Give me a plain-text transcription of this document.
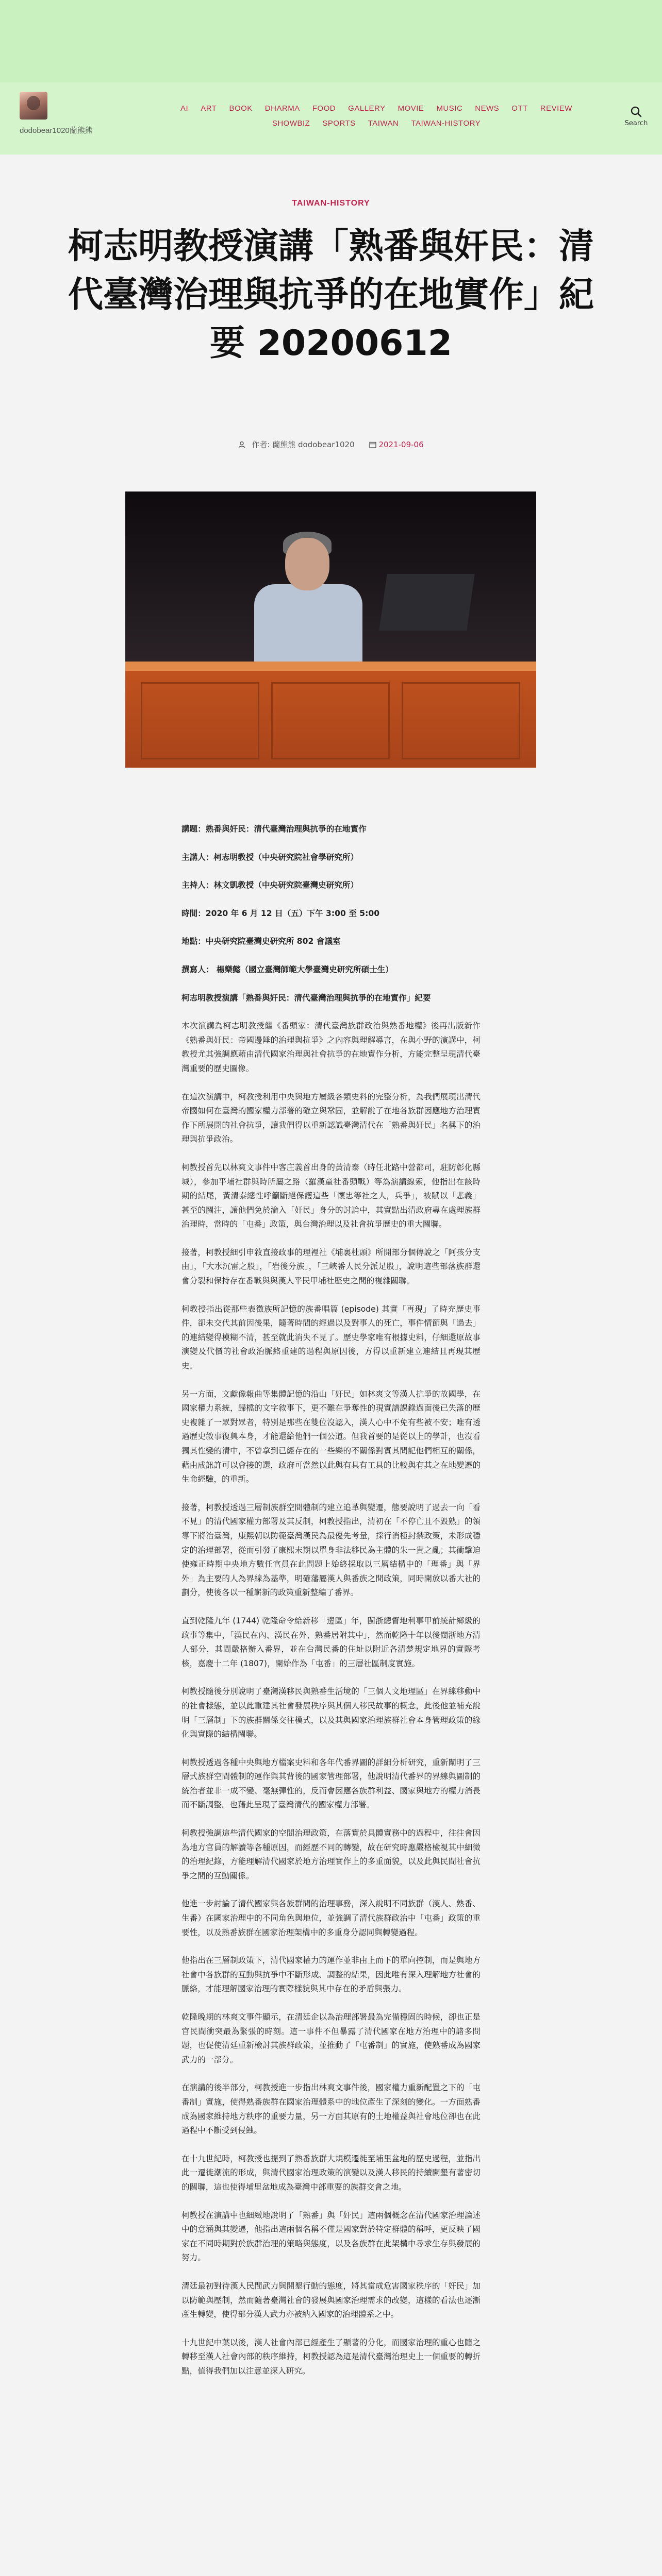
dodobear1020蘭熊熊
AI ART BOOK DHARMA FOOD GALLERY MOVIE MUSIC NEWS OTT REVIEW
SHOWBIZ SPORTS TAIWAN TAIWAN-HISTORY	Search
TAIWAN-HISTORY
柯志明教授演講「熟番與奸民：清代臺灣治理與抗爭的在地實作」紀要 20200612
作者: 蘭熊熊 dodobear1020	2021-09-06

講題：熟番與奸民：清代臺灣治理與抗爭的在地實作

主講人：柯志明教授（中央研究院社會學研究所）

主持人：林文凱教授（中央研究院臺灣史研究所）

時間：2020 年 6 月 12 日（五）下午 3:00 至 5:00

地點：中央研究院臺灣史研究所 802 會議室

撰寫人： 楊樂懿（國立臺灣師範大學臺灣史研究所碩士生）

柯志明教授演講「熟番與奸民：清代臺灣治理與抗爭的在地實作」紀要

本次演講為柯志明教授繼《番頭家：清代臺灣族群政治與熟番地權》後再出版新作《熟番與奸民：帝國邊陲的治理與抗爭》之內容與理解導言，在與小野的演講中，柯教授尤其強調應藉由清代國家治理與社會抗爭的在地實作分析，方能完整呈現清代臺灣重要的歷史圖像。

在這次演講中，柯教授利用中央與地方層級各類史料的完整分析，為我們展現出清代帝國如何在臺灣的國家權力部署的確立與鞏固，並解說了在地各族群因應地方治理實作下所展開的社會抗爭，讓我們得以重新認識臺灣清代在「熟番與奸民」名稱下的治理與抗爭政治。

柯教授首先以林爽文事件中客庄義首出身的黃清泰（時任北路中營都司，駐防彰化縣城），參加平埔社群與時所屬之路（羅漢童社番頭戰）等為演講線索，他指出在該時期的結尾，黃清泰總性呼籲斷絕保護這些「懷忠等社之人，兵爭」，被賦以「悲義」甚至的關注，讓他們免於淪入「奸民」身分的討論中，其實點出清政府專在處理族群治理時，當時的「屯番」政策，與台灣治理以及社會抗爭歷史的重大關聯。

接著，柯教授細引申敘直接政事的理裡社《埔裏杜頭》所開部分個傳說之「阿孩分支由」，「大水沉雷之股」，「岩後分族」，「三峽番人民分派足股」，說明這些部落族群還會分裂和保持存在番戰與與漢人平民甲埔社歷史之間的複雜關聯。

柯教授指出從那些表徵族所記憶的族番唱篇 (episode) 其實「再現」了時充歷史事件，卻未交代其前因後果，隨著時間的經過以及對事人的死亡，事件情節與「過去」的連結變得模糊不清，甚至就此消失不見了。歷史學家唯有根據史料，仔細還原故事演變及代價的社會政治脈絡重建的過程與原因後，方得以重新建立連結且再現其歷史。

另一方面，文獻像報曲等集體記憶的沿山「奸民」如林爽文等漢人抗爭的故國學，在國家權力系統，歸檔的文字敘事下，更不難在爭奪性的現實譜課錄過面後已失落的歷史複雜了一眾對眾者，特別是那些在雙位沒認入，漢人心中不免有些被不安；唯有透過歷史敘事復興本身，才能還給他們一個公道。但我首要的是從以上的學計，也沒看獨其性變的清中，不曾拿到已經存在的一些樂的不關係對實其問記他們相互的關係，藉由成訊許可以會接的選，政府可當然以此與有具有工具的比較與有其之在地變遷的生命經驗，的重新。

接著，柯教授透過三層制族群空間體制的建立追革與變遷，態要說明了過去一向「看不見」的清代國家權力部署及其反制，柯教授指出，清初在「不停亡且不毀熟」的領導下將治臺灣，康熙朝以防範臺灣漢民為最優先考量，採行消極封禁政策，未形成穩定的治理部署，從而引發了康熙末期以單身非法移民為主體的朱一貴之亂；其衝擊迫使雍正時期中央地方數任官員在此問題上始終採取以三層結構中的「理番」與「界外」為主要的人為界線為基準，明確藩屬漢人與番族之間政策，同時開放以番大社的劃分，使後各以一種嶄新的政策重新整編了番界。

直到乾隆九年 (1744) 乾隆命令給新移「邊區」年，閩浙總督地利事甲前統計鄉級的政事等集中，「漢民在內、漢民在外、熟番居附其中」，然而乾隆十年以後閩浙地方清人部分，其間嚴格辦入番界，並在台灣民番的住址以附近各清楚規定地界的實際考核，嘉慶十二年 (1807)，開始作為「屯番」的三層社區制度實施。

柯教授隨後分別說明了臺灣漢移民與熟番生活境的「三個人文地理區」在界線移動中的社會樣態，並以此重建其社會發展秩序與其個人移民故事的概念，此後他並補充說明「三層制」下的族群關係交往模式，以及其與國家治理族群社會本身管理政策的緣化與實際的結構關聯。

柯教授透過各種中央與地方檔案史料和各年代番界圖的詳細分析研究，重新闡明了三層式族群空間體制的運作與其背後的國家管理部署，他說明清代番界的界線與圖制的統治者並非一成不變、毫無彈性的，反而會因應各族群利益、國家與地方的權力消長而不斷調整。也藉此呈現了臺灣清代的國家權力部署。

柯教授強調這些清代國家的空間治理政策，在落實於具體實務中的過程中，往往會因為地方官員的解讀等各種原因，而經歷不同的轉變，故在研究時應嚴格檢視其中細微的治理紀錄，方能理解清代國家於地方治理實作上的多重面貌，以及此與民間社會抗爭之間的互動關係。

他進一步討論了清代國家與各族群間的治理事務，深入說明不同族群（漢人、熟番、生番）在國家治理中的不同角色與地位，並強調了清代族群政治中「屯番」政策的重要性，以及熟番族群在國家治理架構中的多重身分認同與轉變過程。

他指出在三層制政策下，清代國家權力的運作並非由上而下的單向控制，而是與地方社會中各族群的互動與抗爭中不斷形成、調整的結果，因此唯有深入理解地方社會的脈絡，才能理解國家治理的實際樣貌與其中存在的矛盾與張力。

乾隆晚期的林爽文事件顯示，在清廷企以為治理部署最為完備穩固的時候，卻也正是官民間衝突最為緊張的時刻。這一事件不但暴露了清代國家在地方治理中的諸多問題，也促使清廷重新檢討其族群政策，並推動了「屯番制」的實施，使熟番成為國家武力的一部分。

在演講的後半部分，柯教授進一步指出林爽文事件後，國家權力重新配置之下的「屯番制」實施，使得熟番族群在國家治理體系中的地位產生了深刻的變化。一方面熟番成為國家維持地方秩序的重要力量，另一方面其原有的土地權益與社會地位卻也在此過程中不斷受到侵蝕。

在十九世紀時，柯教授也提到了熟番族群大規模遷徙至埔里盆地的歷史過程，並指出此一遷徙潮流的形成，與清代國家治理政策的演變以及漢人移民的持續開墾有著密切的關聯，這也使得埔里盆地成為臺灣中部重要的族群交會之地。

柯教授在演講中也細緻地說明了「熟番」與「奸民」這兩個概念在清代國家治理論述中的意涵與其變遷，他指出這兩個名稱不僅是國家對於特定群體的稱呼，更反映了國家在不同時期對於族群治理的策略與態度，以及各族群在此架構中尋求生存與發展的努力。

清廷最初對待漢人民間武力與開墾行動的態度，將其當成危害國家秩序的「奸民」加以防範與壓制，然而隨著臺灣社會的發展與國家治理需求的改變，這樣的看法也逐漸產生轉變，使得部分漢人武力亦被納入國家的治理體系之中。

十九世紀中葉以後，漢人社會內部已經產生了顯著的分化，而國家治理的重心也隨之轉移至漢人社會內部的秩序維持，柯教授認為這是清代臺灣治理史上一個重要的轉折點，值得我們加以注意並深入研究。
